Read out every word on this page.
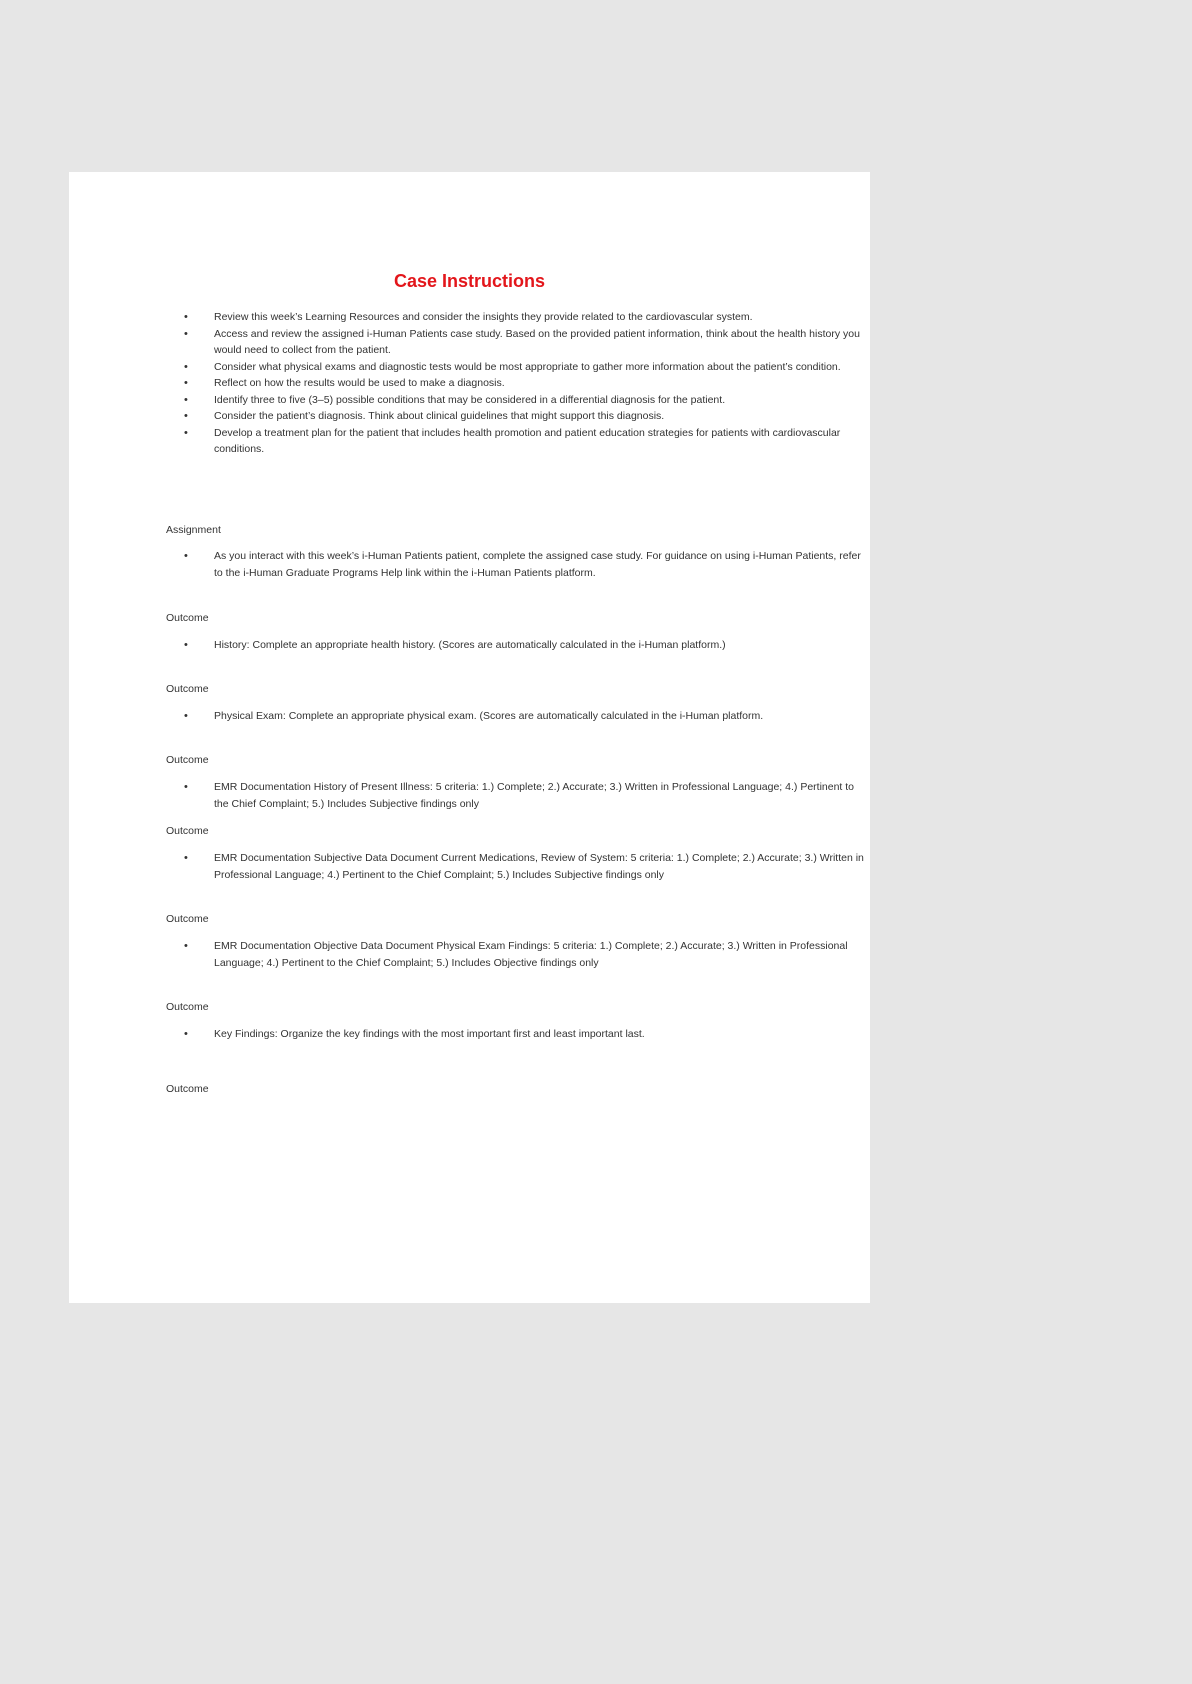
Case Instructions
• Review this week’s Learning Resources and consider the insights they provide related to the cardiovascular system.
• Access and review the assigned i-Human Patients case study. Based on the provided patient information, think about the health history you would need to collect from the patient.
• Consider what physical exams and diagnostic tests would be most appropriate to gather more information about the patient’s condition.
• Reflect on how the results would be used to make a diagnosis.
• Identify three to five (3–5) possible conditions that may be considered in a differential diagnosis for the patient.
• Consider the patient’s diagnosis. Think about clinical guidelines that might support this diagnosis.
• Develop a treatment plan for the patient that includes health promotion and patient education strategies for patients with cardiovascular conditions.
Assignment
• As you interact with this week’s i-Human Patients patient, complete the assigned case study. For guidance on using i-Human Patients, refer to the i-Human Graduate Programs Help link within the i-Human Patients platform.
Outcome
• History: Complete an appropriate health history. (Scores are automatically calculated in the i-Human platform.)
Outcome
• Physical Exam: Complete an appropriate physical exam. (Scores are automatically calculated in the i-Human platform.
Outcome
• EMR Documentation History of Present Illness: 5 criteria: 1.) Complete; 2.) Accurate; 3.) Written in Professional Language; 4.) Pertinent to the Chief Complaint; 5.) Includes Subjective findings only
Outcome
• EMR Documentation Subjective Data Document Current Medications, Review of System: 5 criteria: 1.) Complete; 2.) Accurate; 3.) Written in Professional Language; 4.) Pertinent to the Chief Complaint; 5.) Includes Subjective findings only
Outcome
• EMR Documentation Objective Data Document Physical Exam Findings: 5 criteria: 1.) Complete; 2.) Accurate; 3.) Written in Professional Language; 4.) Pertinent to the Chief Complaint; 5.) Includes Objective findings only
Outcome
• Key Findings: Organize the key findings with the most important first and least important last.
Outcome
